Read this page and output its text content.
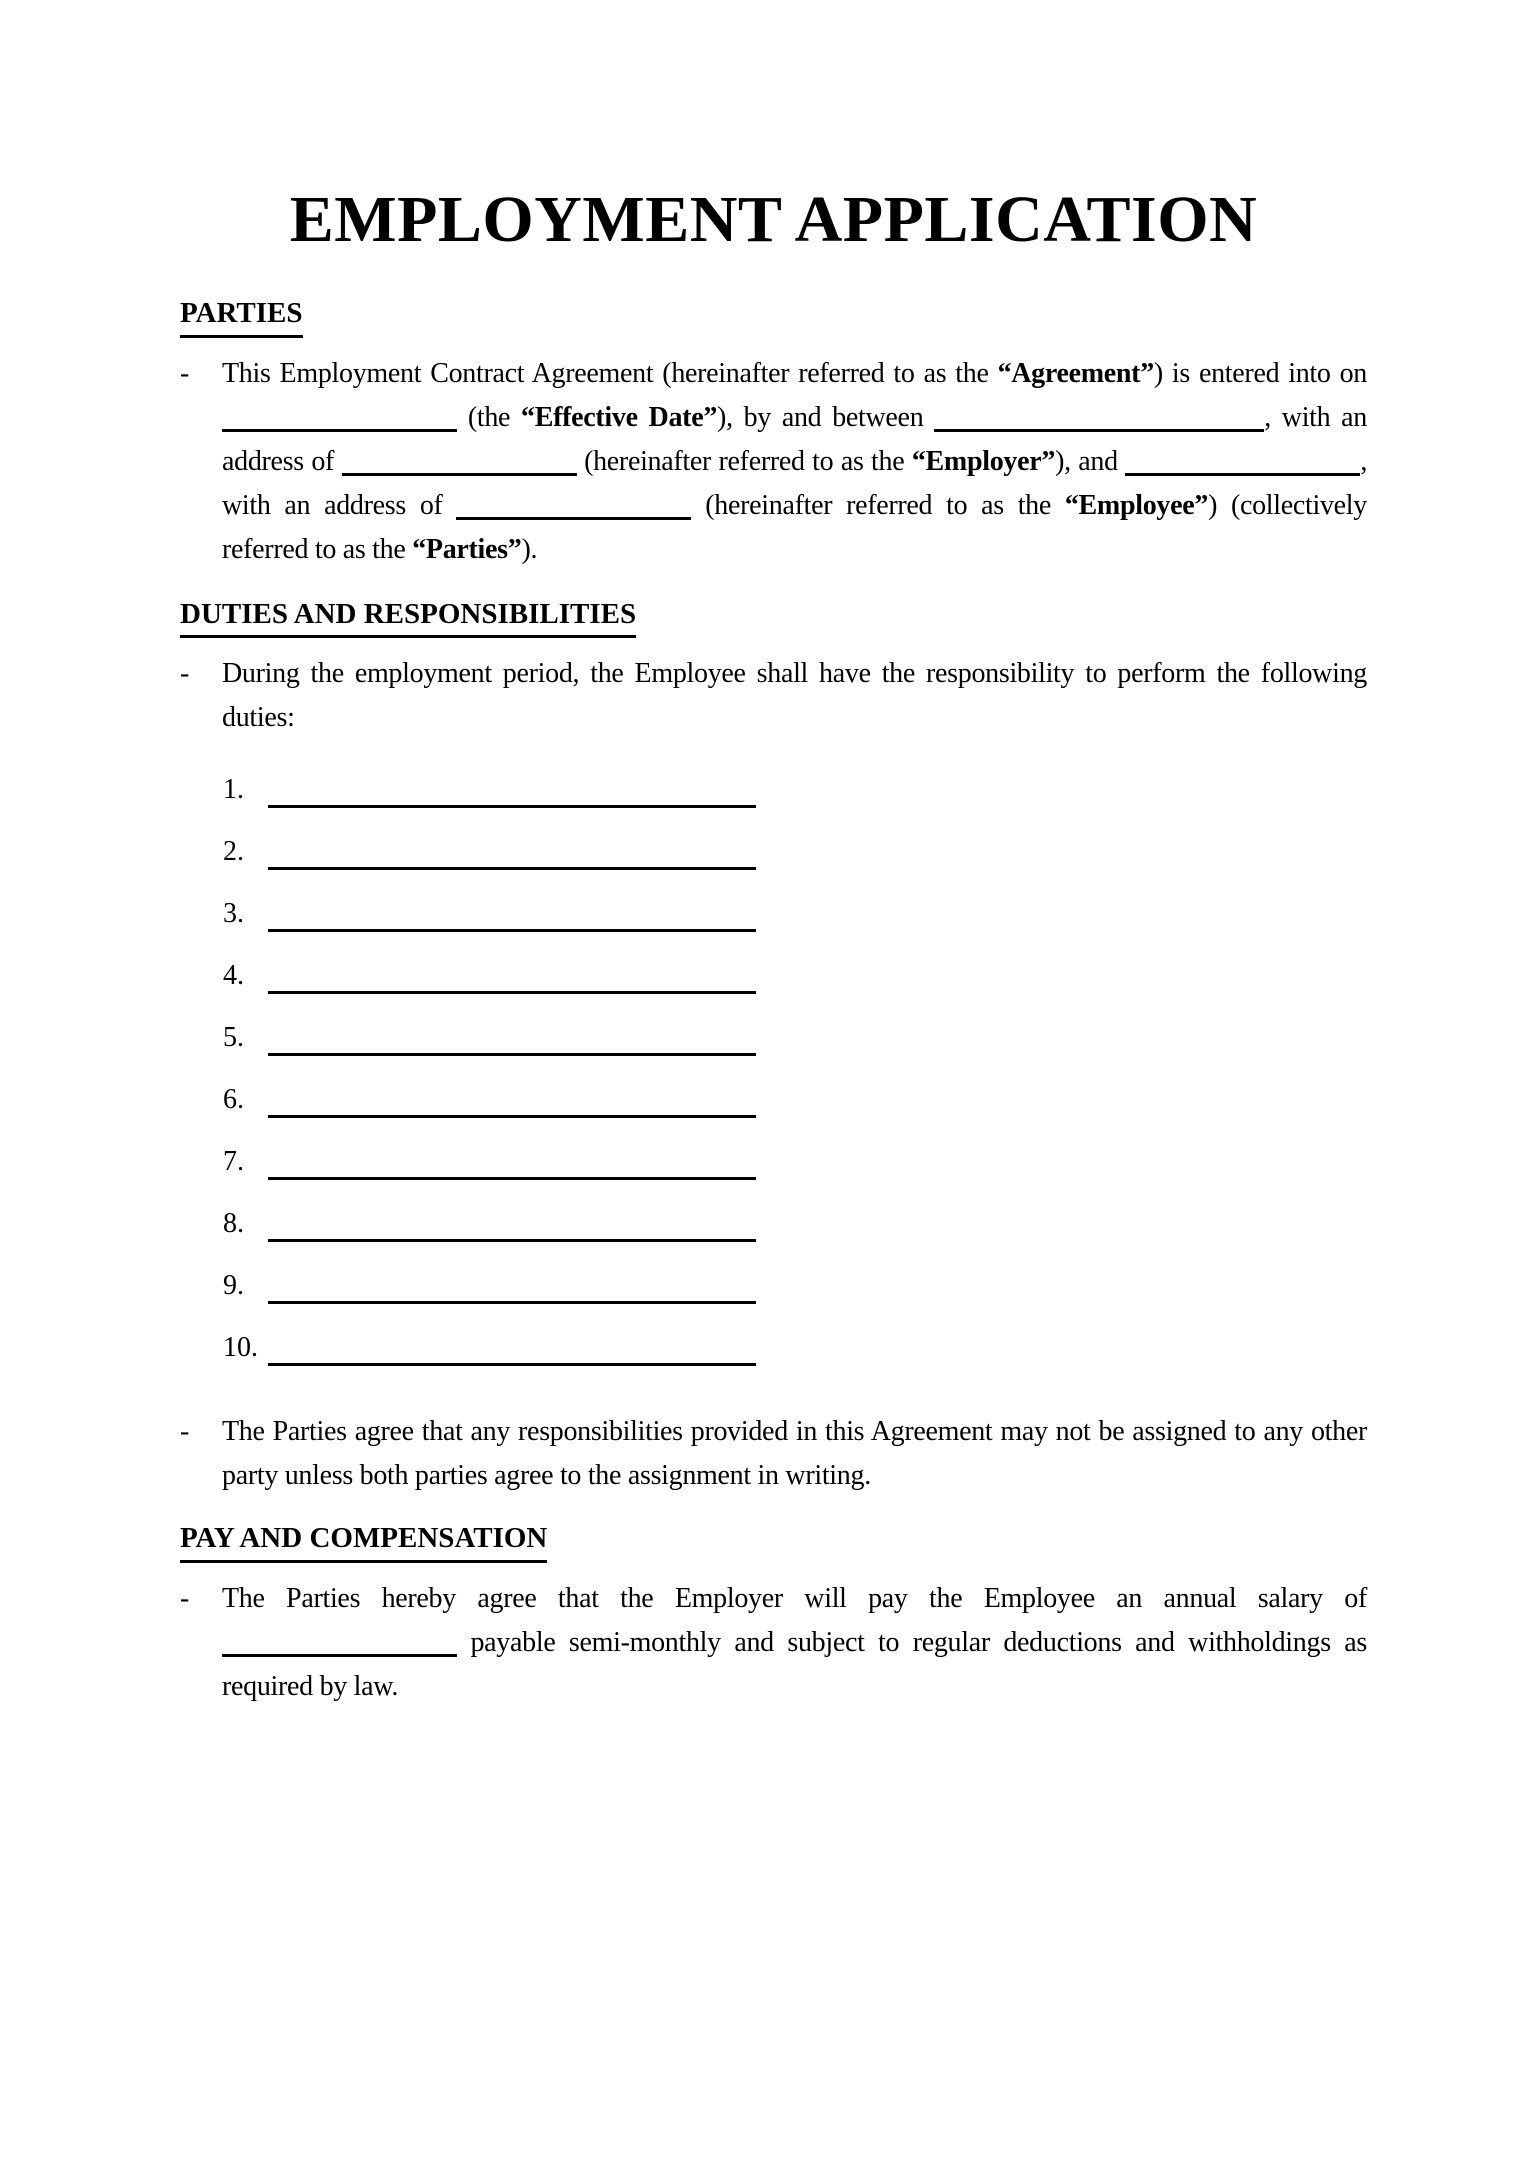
EMPLOYMENT APPLICATION
PARTIES
-	This Employment Contract Agreement (hereinafter referred to as the “Agreement”) is entered into on  (the “Effective Date”), by and between	, with an address of	(hereinafter referred to as the “Employer”), and	, with an address of	(hereinafter referred to as the “Employee”) (collectively referred to as the “Parties”).

DUTIES AND RESPONSIBILITIES
-	During the employment period, the Employee shall have the responsibility to perform the following duties:

1.
2.
3.
4.
5.
6.
7.
8.
9.
10.
-	The Parties agree that any responsibilities provided in this Agreement may not be assigned to any other party unless both parties agree to the assignment in writing.

PAY AND COMPENSATION
-	The Parties hereby agree that the Employer will pay the Employee an annual salary of  payable semi-monthly and subject to regular deductions and withholdings as required by law.
